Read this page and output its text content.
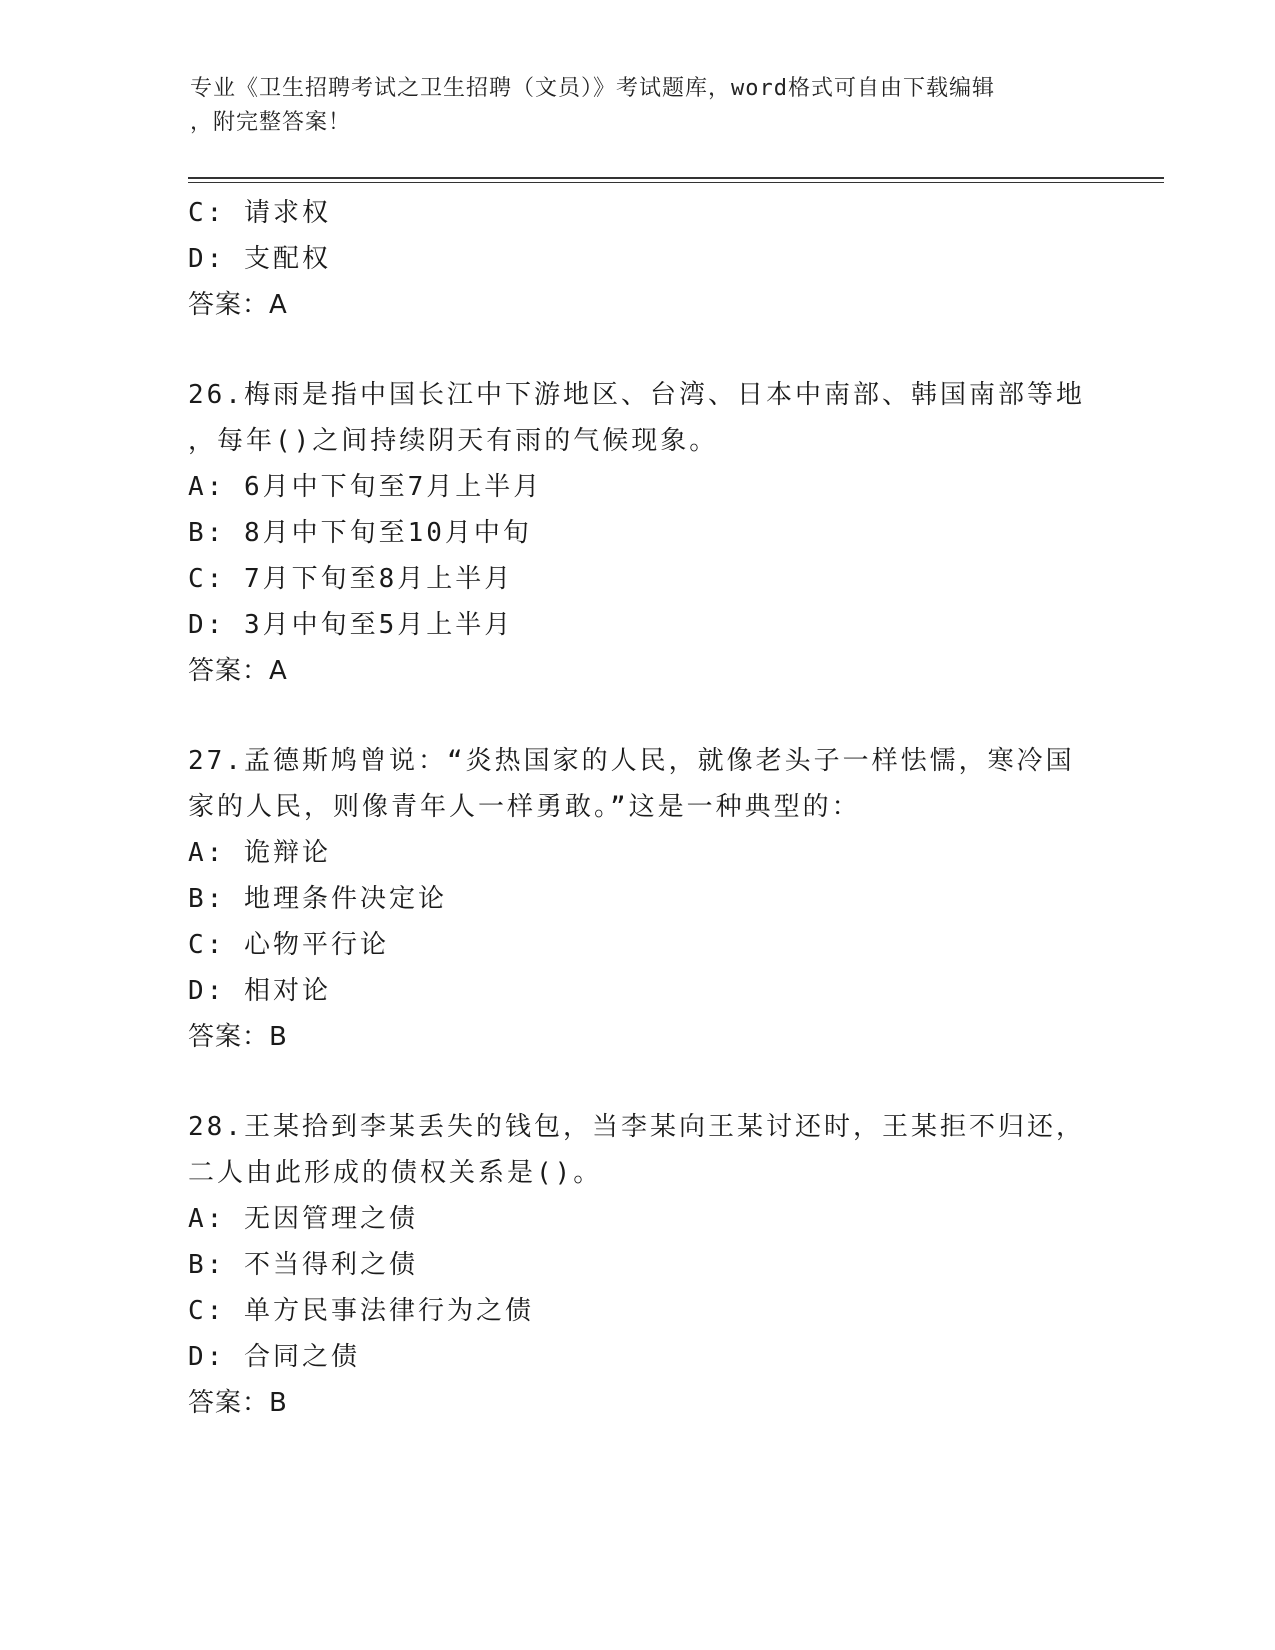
专业《卫生招聘考试之卫生招聘（文员）》考试题库，word格式可自由下载编辑
，附完整答案！
C: 请求权
D: 支配权
答案：A
26.梅雨是指中国长江中下游地区、台湾、日本中南部、韩国南部等地
，每年()之间持续阴天有雨的气候现象。
A: 6月中下旬至7月上半月
B: 8月中下旬至10月中旬
C: 7月下旬至8月上半月
D: 3月中旬至5月上半月
答案：A
27.孟德斯鸠曾说：“炎热国家的人民，就像老头子一样怯懦，寒冷国
家的人民，则像青年人一样勇敢。”这是一种典型的：
A: 诡辩论
B: 地理条件决定论
C: 心物平行论
D: 相对论
答案：B
28.王某拾到李某丢失的钱包，当李某向王某讨还时，王某拒不归还，
二人由此形成的债权关系是()。
A: 无因管理之债
B: 不当得利之债
C: 单方民事法律行为之债
D: 合同之债
答案：B
